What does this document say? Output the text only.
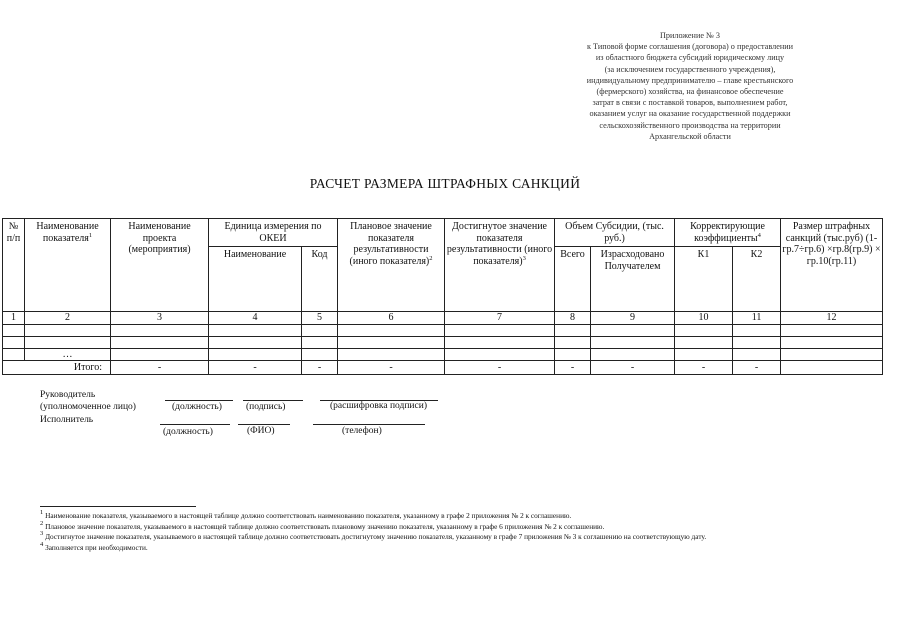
Приложение № 3
к Типовой форме соглашения (договора) о предоставлении
из областного бюджета субсидий юридическому лицу
(за исключением государственного учреждения),
индивидуальному предпринимателю – главе крестьянского
(фермерского) хозяйства, на финансовое обеспечение
затрат в связи с поставкой товаров, выполнением работ,
оказанием услуг на оказание государственной поддержки
сельскохозяйственного производства на территории
Архангельской области
РАСЧЕТ РАЗМЕРА ШТРАФНЫХ САНКЦИЙ
№ п/п	Наименование показателя$^1$	Наименование проекта (мероприятия)	Единица измерения по ОКЕИ		Плановое значение показателя результативности (иного показателя)$^2$	Достигнутое значение показателя результативности (иного показателя)$^3$	Объем Субсидии, (тыс. руб.)		Корректирующие коэффициенты$^4$		Размер штрафных санкций (тыс.руб) (1-гр.7÷гр.6) ×гр.8(гр.9) × гр.10(гр.11)
			Наименование	Код			Всего	Израсходовано Получателем	К1	К2	
1	2	3	4	5	6	7	8	9	10	11	12

	…										
Итого:		-	-	-	-	-	-	-	-	-	
Руководитель
(уполномоченное лицо)	(должность)	(подпись)	(расшифровка подписи)
Исполнитель
(должность)	(ФИО)	(телефон)

$^1$ Наименование показателя, указываемого в настоящей таблице должно соответствовать наименованию показателя, указанному в графе 2 приложения № 2 к соглашению.

$^2$ Плановое значение показателя, указываемого в настоящей таблице должно соответствовать плановому значению показателя, указанному в графе 6 приложения № 2 к соглашению.

$^3$ Достигнутое значение показателя, указываемого в настоящей таблице должно соответствовать достигнутому значению показателя, указанному в графе 7 приложения № 3 к соглашению на соответствующую дату.

$^4$ Заполняется при необходимости.
